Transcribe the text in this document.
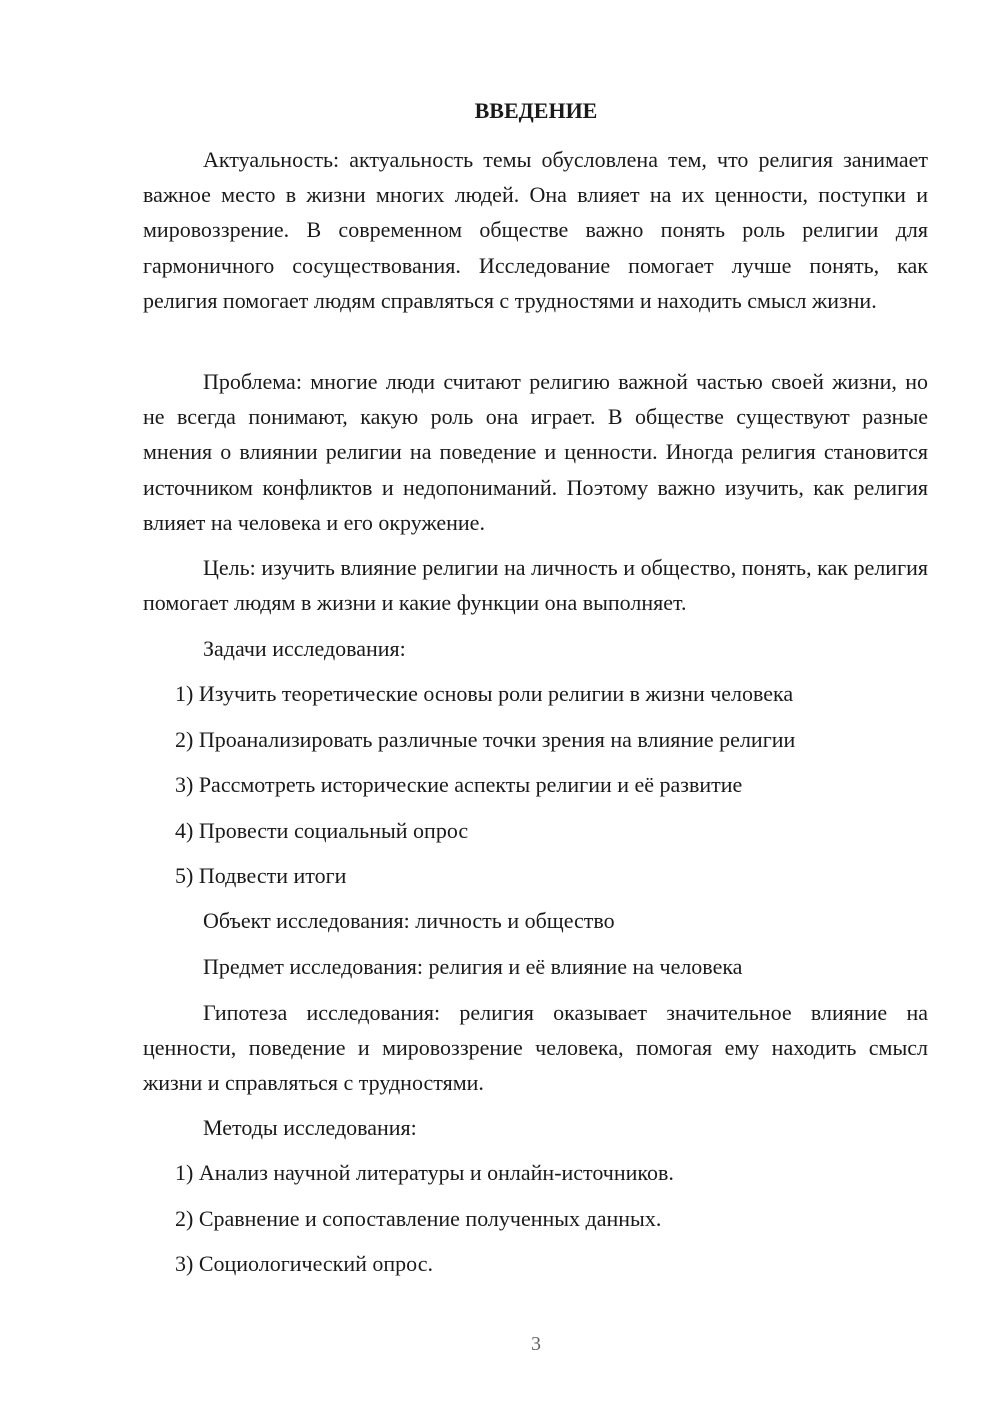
ВВЕДЕНИЕ

Актуальность: актуальность темы обусловлена тем, что религия занимает важное место в жизни многих людей. Она влияет на их ценности, поступки и мировоззрение. В современном обществе важно понять роль религии для гармоничного сосуществования. Исследование помогает лучше понять, как религия помогает людям справляться с трудностями и находить смысл жизни.

Проблема: многие люди считают религию важной частью своей жизни, но не всегда понимают, какую роль она играет. В обществе существуют разные мнения о влиянии религии на поведение и ценности. Иногда религия становится источником конфликтов и недопониманий. Поэтому важно изучить, как религия влияет на человека и его окружение.

Цель: изучить влияние религии на личность и общество, понять, как религия помогает людям в жизни и какие функции она выполняет.

Задачи исследования:

1) Изучить теоретические основы роли религии в жизни человека

2) Проанализировать различные точки зрения на влияние религии

3) Рассмотреть исторические аспекты религии и её развитие

4) Провести социальный опрос

5) Подвести итоги

Объект исследования: личность и общество

Предмет исследования: религия и её влияние на человека

Гипотеза исследования: религия оказывает значительное влияние на ценности, поведение и мировоззрение человека, помогая ему находить смысл жизни и справляться с трудностями.

Методы исследования:

1) Анализ научной литературы и онлайн-источников.

2) Сравнение и сопоставление полученных данных.

3) Социологический опрос.

3
